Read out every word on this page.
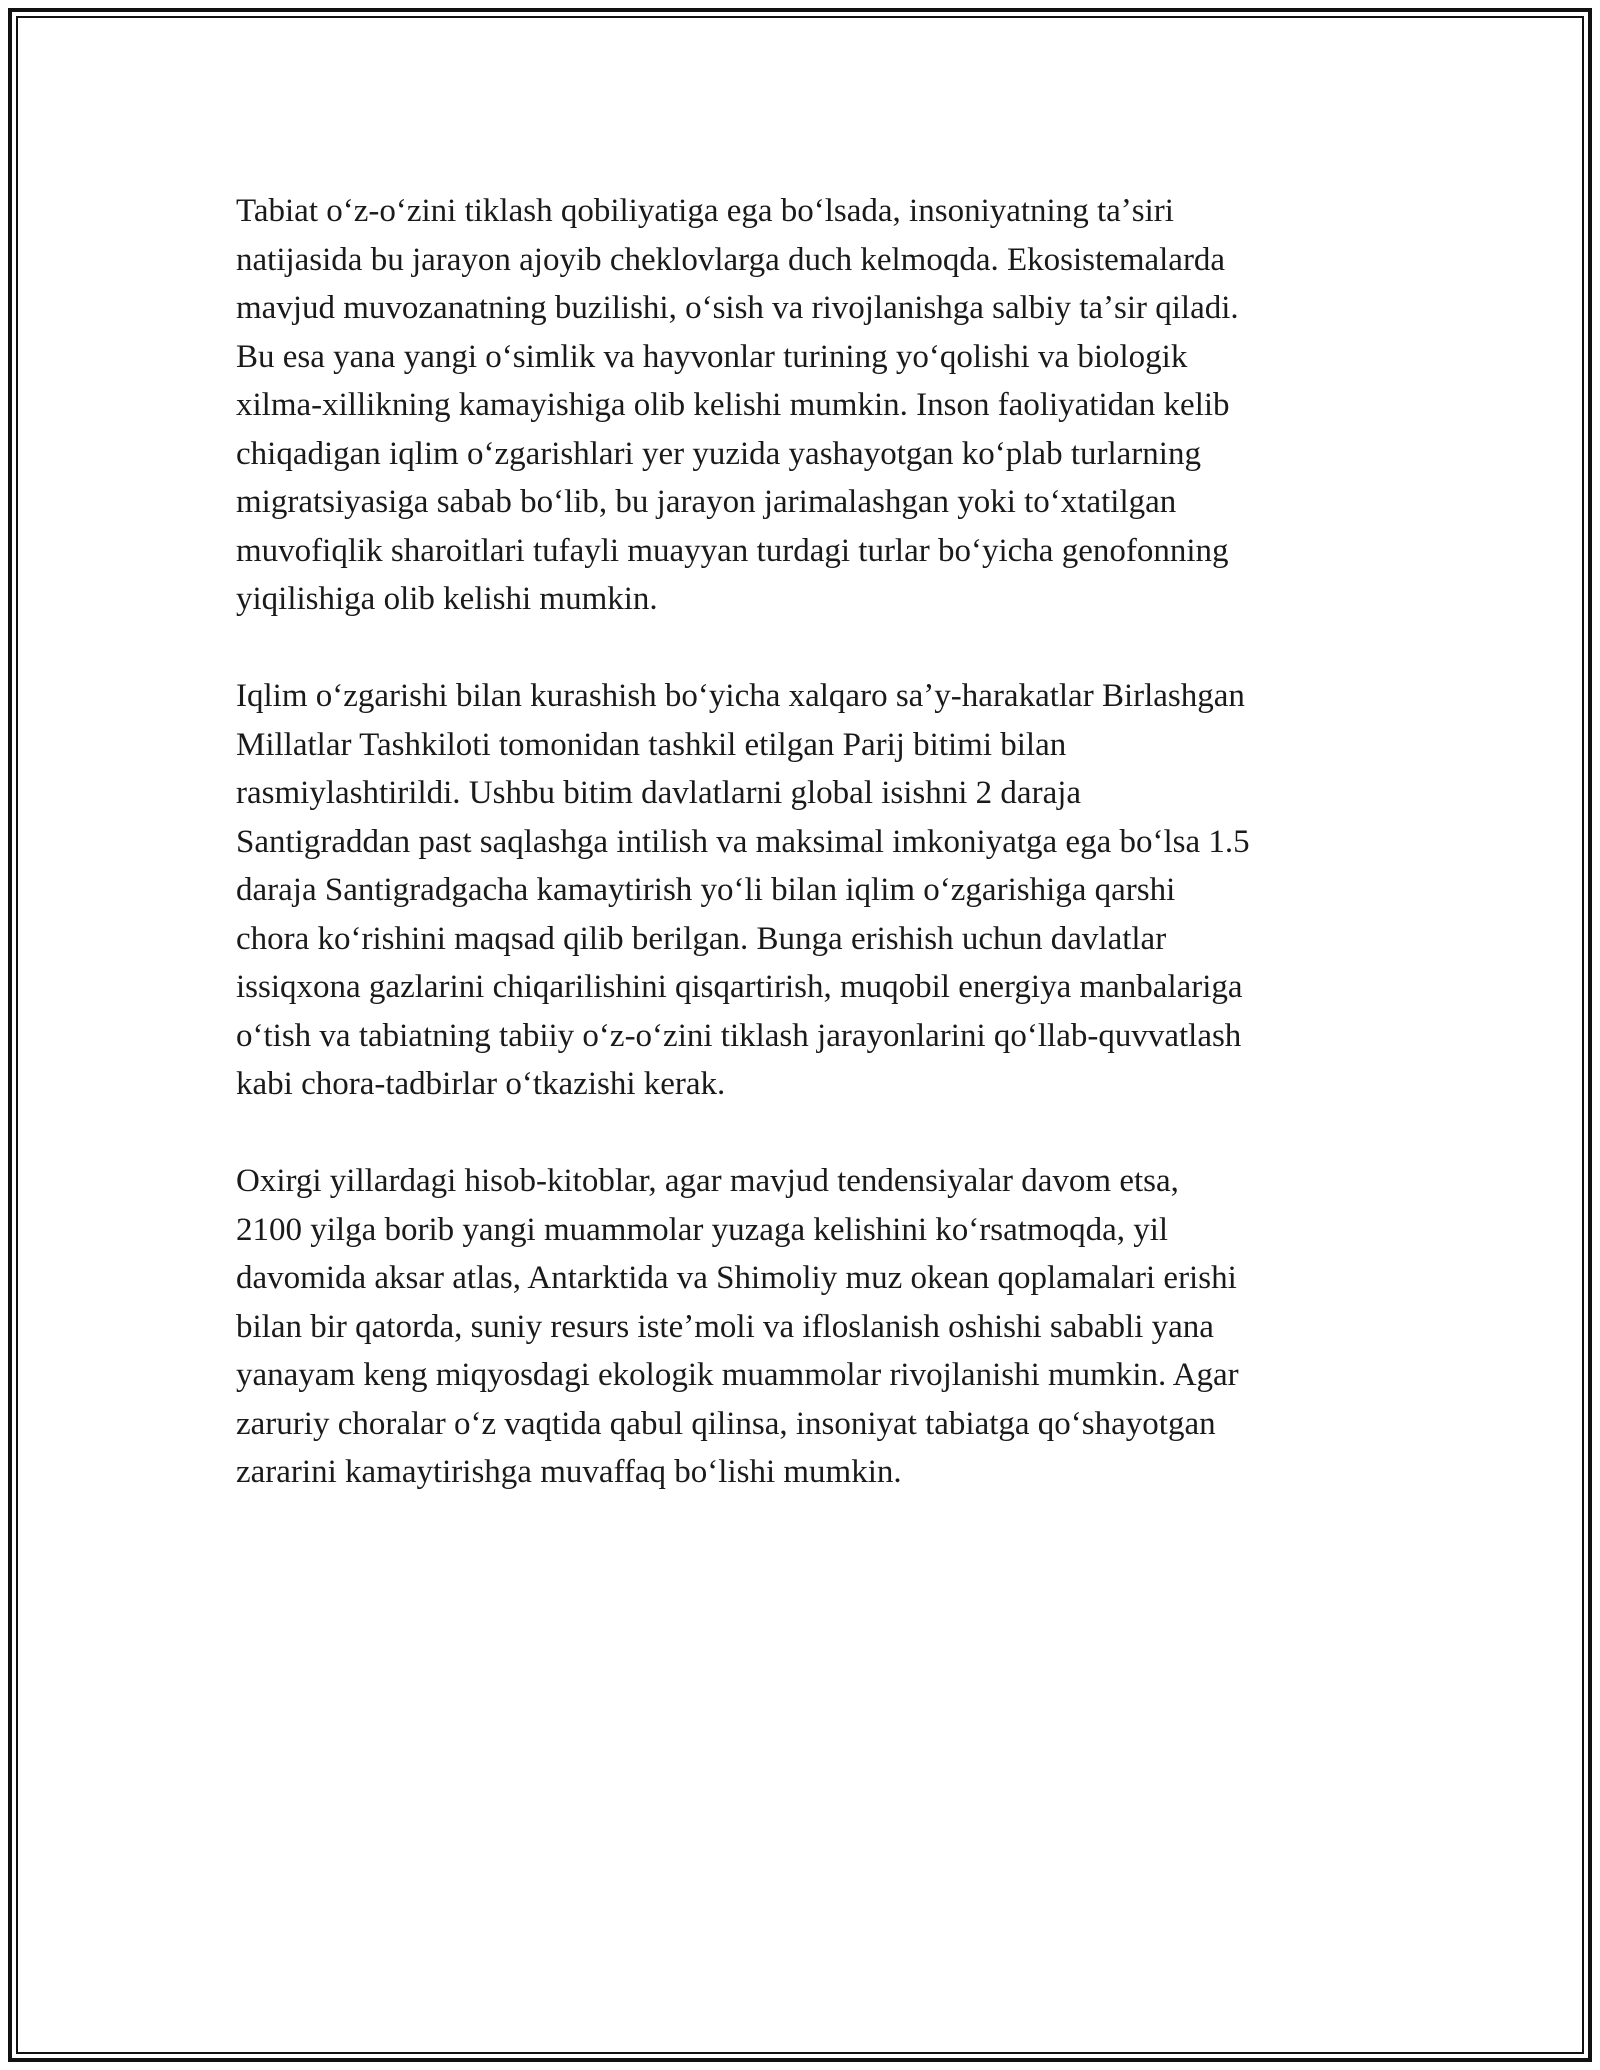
Tabiat oʻz-oʻzini tiklash qobiliyatiga ega boʻlsada, insoniyatning taʼsiri
natijasida bu jarayon ajoyib cheklovlarga duch kelmoqda. Ekosistemalarda
mavjud muvozanatning buzilishi, oʻsish va rivojlanishga salbiy taʼsir qiladi.
Bu esa yana yangi oʻsimlik va hayvonlar turining yoʻqolishi va biologik
xilma-xillikning kamayishiga olib kelishi mumkin. Inson faoliyatidan kelib
chiqadigan iqlim oʻzgarishlari yer yuzida yashayotgan koʻplab turlarning
migratsiyasiga sabab boʻlib, bu jarayon jarimalashgan yoki toʻxtatilgan
muvofiqlik sharoitlari tufayli muayyan turdagi turlar boʻyicha genofonning
yiqilishiga olib kelishi mumkin.

Iqlim oʻzgarishi bilan kurashish boʻyicha xalqaro saʼy-harakatlar Birlashgan
Millatlar Tashkiloti tomonidan tashkil etilgan Parij bitimi bilan
rasmiylashtirildi. Ushbu bitim davlatlarni global isishni 2 daraja
Santigraddan past saqlashga intilish va maksimal imkoniyatga ega boʻlsa 1.5
daraja Santigradgacha kamaytirish yoʻli bilan iqlim oʻzgarishiga qarshi
chora koʻrishini maqsad qilib berilgan. Bunga erishish uchun davlatlar
issiqxona gazlarini chiqarilishini qisqartirish, muqobil energiya manbalariga
oʻtish va tabiatning tabiiy oʻz-oʻzini tiklash jarayonlarini qoʻllab-quvvatlash
kabi chora-tadbirlar oʻtkazishi kerak.

Oxirgi yillardagi hisob-kitoblar, agar mavjud tendensiyalar davom etsa,
2100 yilga borib yangi muammolar yuzaga kelishini koʻrsatmoqda, yil
davomida aksar atlas, Antarktida va Shimoliy muz okean qoplamalari erishi
bilan bir qatorda, suniy resurs isteʼmoli va ifloslanish oshishi sababli yana
yanayam keng miqyosdagi ekologik muammolar rivojlanishi mumkin. Agar
zaruriy choralar oʻz vaqtida qabul qilinsa, insoniyat tabiatga qoʻshayotgan
zararini kamaytirishga muvaffaq boʻlishi mumkin.
